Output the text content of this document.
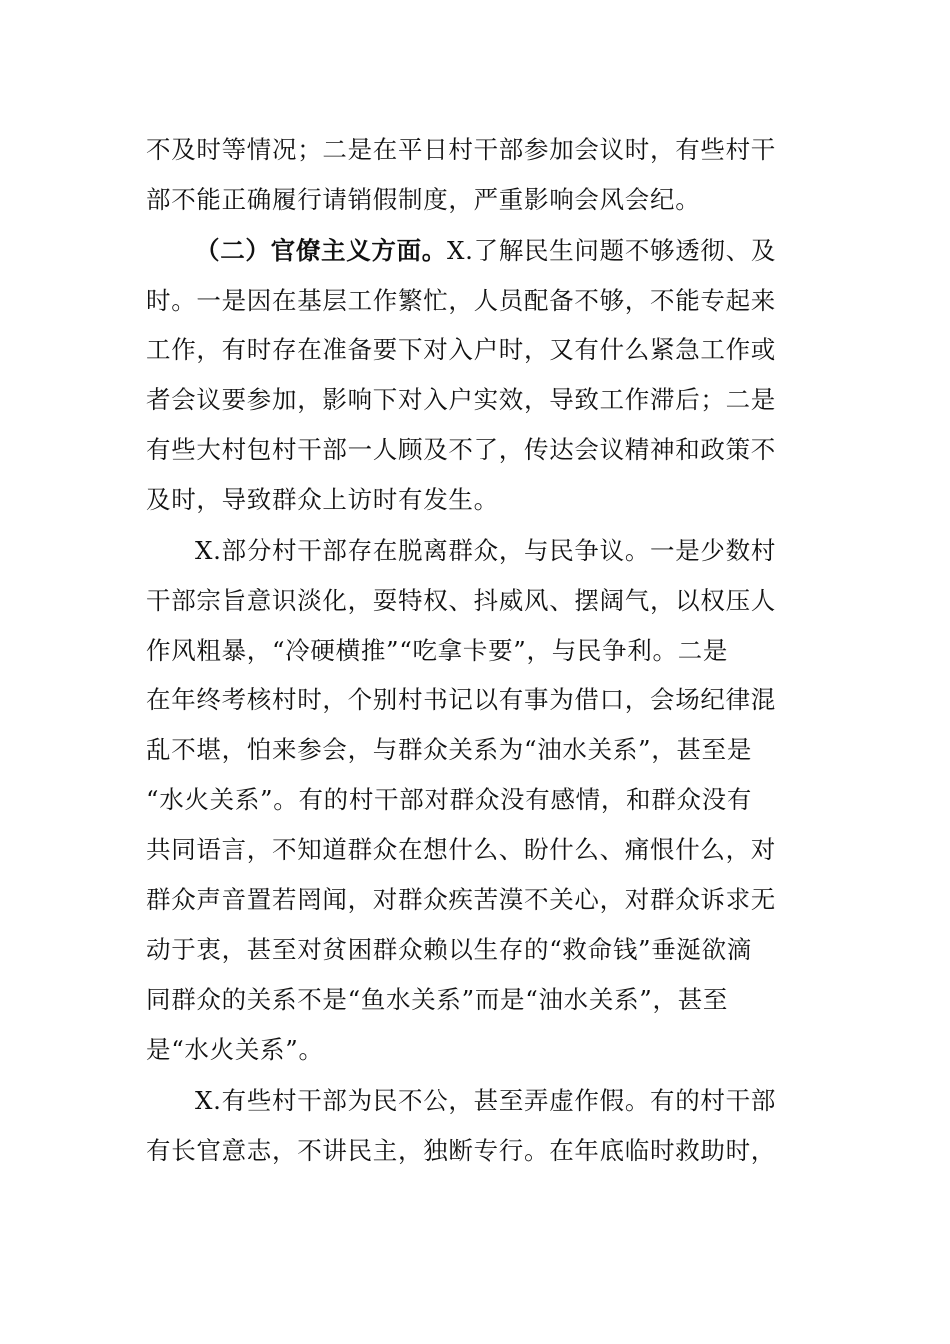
不及时等情况；二是在平日村干部参加会议时，有些村干
部不能正确履行请销假制度，严重影响会风会纪。
（二）官僚主义方面。X.了解民生问题不够透彻、及
时。一是因在基层工作繁忙，人员配备不够，不能专起来
工作，有时存在准备要下对入户时，又有什么紧急工作或
者会议要参加，影响下对入户实效，导致工作滞后；二是
有些大村包村干部一人顾及不了，传达会议精神和政策不
及时，导致群众上访时有发生。
X.部分村干部存在脱离群众，与民争议。一是少数村
干部宗旨意识淡化，耍特权、抖威风、摆阔气，以权压人
作风粗暴，“冷硬横推”“吃拿卡要”，与民争利。二是
在年终考核村时，个别村书记以有事为借口，会场纪律混
乱不堪，怕来参会，与群众关系为“油水关系”，甚至是
“水火关系”。有的村干部对群众没有感情，和群众没有
共同语言，不知道群众在想什么、盼什么、痛恨什么，对
群众声音置若罔闻，对群众疾苦漠不关心，对群众诉求无
动于衷，甚至对贫困群众赖以生存的“救命钱”垂涎欲滴
同群众的关系不是“鱼水关系”而是“油水关系”，甚至
是“水火关系”。
X.有些村干部为民不公，甚至弄虚作假。有的村干部
有长官意志，不讲民主，独断专行。在年底临时救助时，
